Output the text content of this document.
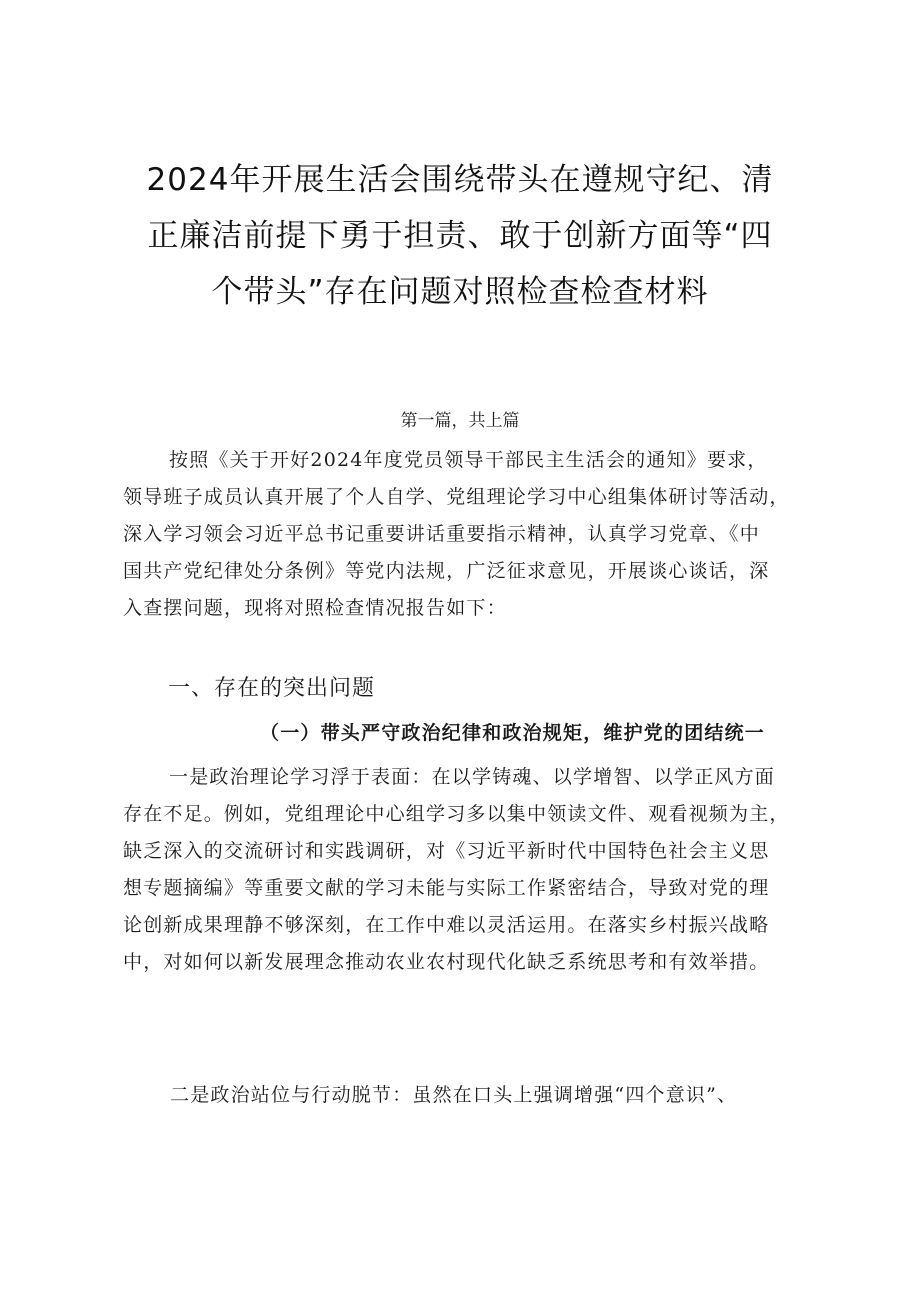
2024年开展生活会围绕带头在遵规守纪、清
正廉洁前提下勇于担责、敢于创新方面等“四
个带头”存在问题对照检查检查材料
第一篇，共上篇

按照《关于开好2024年度党员领导干部民主生活会的通知》要求，
领导班子成员认真开展了个人自学、党组理论学习中心组集体研讨等活动，
深入学习领会习近平总书记重要讲话重要指示精神，认真学习党章、《中
国共产党纪律处分条例》等党内法规，广泛征求意见，开展谈心谈话，深
入查摆问题，现将对照检查情况报告如下：

一、存在的突出问题
（一）带头严守政治纪律和政治规矩，维护党的团结统一

一是政治理论学习浮于表面：在以学铸魂、以学增智、以学正风方面
存在不足。例如，党组理论中心组学习多以集中领读文件、观看视频为主，
缺乏深入的交流研讨和实践调研，对《习近平新时代中国特色社会主义思
想专题摘编》等重要文献的学习未能与实际工作紧密结合，导致对党的理
论创新成果理静不够深刻，在工作中难以灵活运用。在落实乡村振兴战略
中，对如何以新发展理念推动农业农村现代化缺乏系统思考和有效举措。

二是政治站位与行动脱节：虽然在口头上强调增强“四个意识”、
